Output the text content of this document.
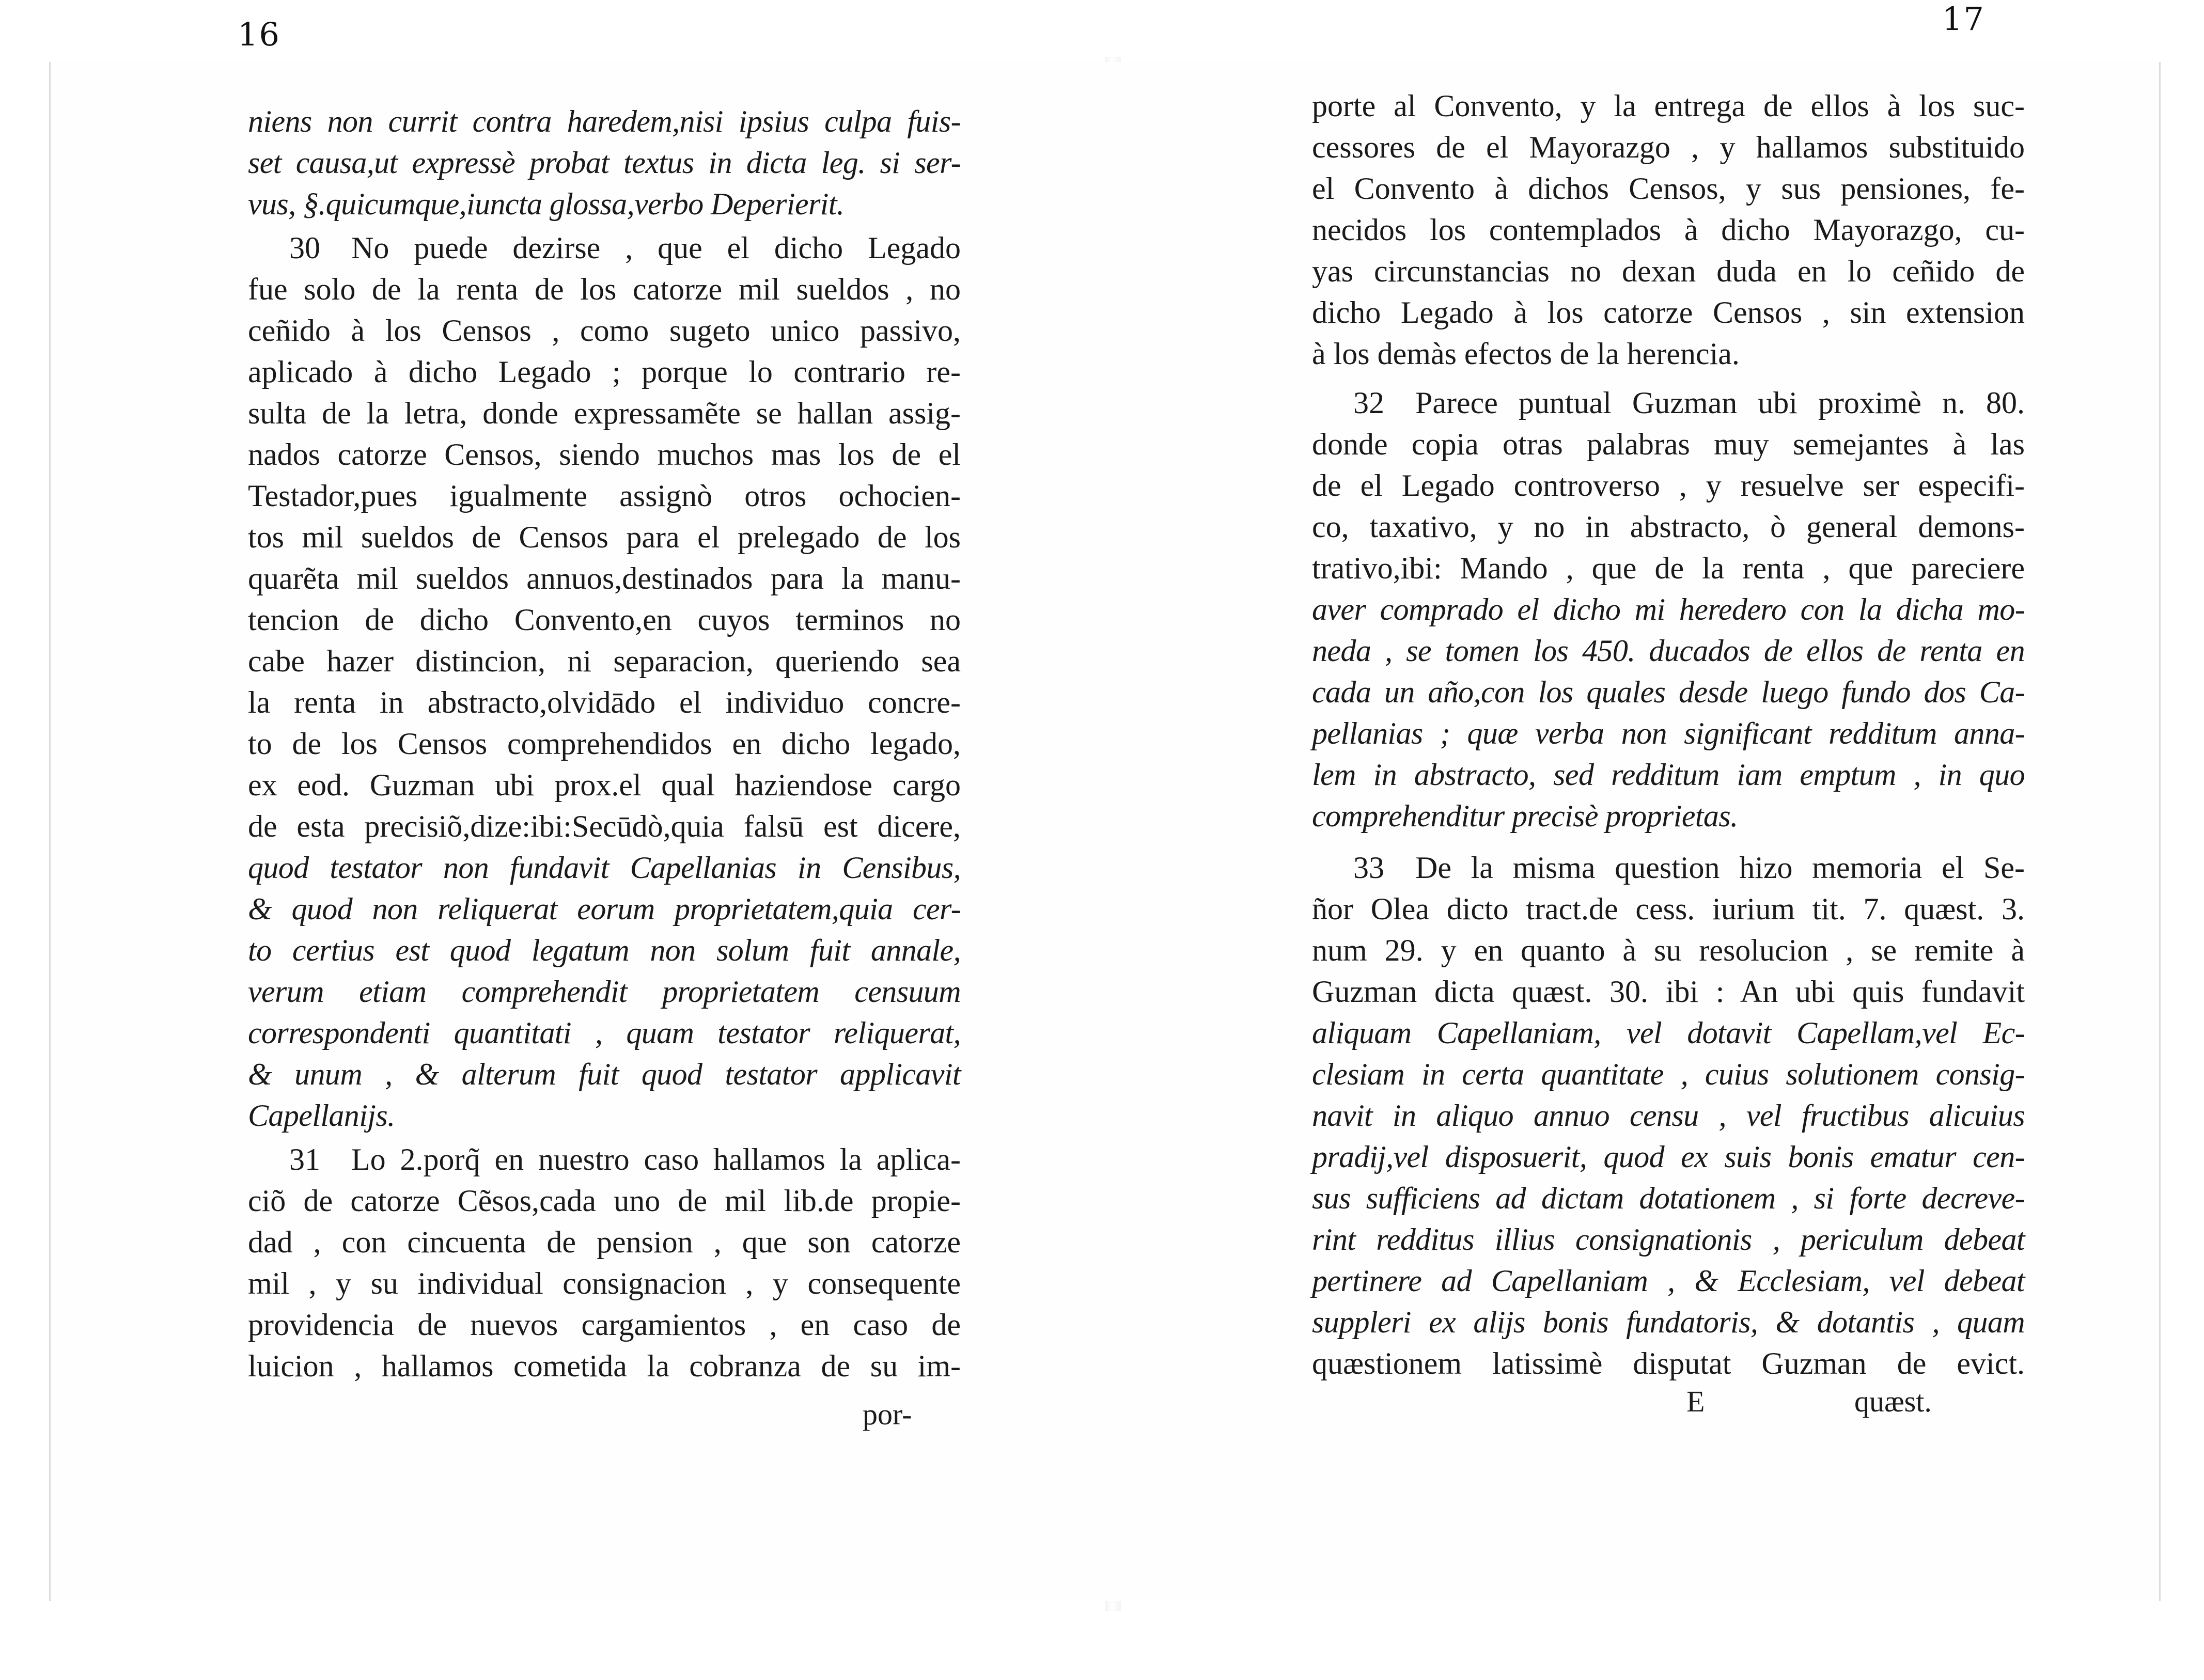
16	17
niens non currit contra haredem,nisi ipsius culpa fuis-
set causa,ut expressè probat textus in dicta leg. si ser-
vus, §.quicumque,iuncta glossa,verbo Deperierit.
30	No puede dezirse , que el dicho Legado
fue solo de la renta de los catorze mil sueldos , no
ceñido à los Censos , como sugeto unico passivo,
aplicado à dicho Legado ; porque lo contrario re-
sulta de la letra, donde expressamẽte se hallan assig-
nados catorze Censos, siendo muchos mas los de el
Testador,pues igualmente assignò otros ochocien-
tos mil sueldos de Censos para el prelegado de los
quarẽta mil sueldos annuos,destinados para la manu-
tencion de dicho Convento,en cuyos terminos no
cabe hazer distincion, ni separacion, queriendo sea
la renta in abstracto,olvidādo el individuo concre-
to de los Censos comprehendidos en dicho legado,
ex eod. Guzman ubi prox.el qual haziendose cargo
de esta precisiõ,dize:ibi:Secūdò,quia falsū est dicere,
quod testator non fundavit Capellanias in Censibus,
& quod non reliquerat eorum proprietatem,quia cer-
to certius est quod legatum non solum fuit annale,
verum etiam comprehendit proprietatem censuum
correspondenti quantitati , quam testator reliquerat,
& unum , & alterum fuit quod testator applicavit
Capellanijs.
31	Lo 2.porq̃ en nuestro caso hallamos la aplica-
ciõ de catorze Cẽsos,cada uno de mil lib.de propie-
dad , con cincuenta de pension , que son catorze
mil , y su individual consignacion , y consequente
providencia de nuevos cargamientos , en caso de
luicion , hallamos cometida la cobranza de su im-
por-
porte al Convento, y la entrega de ellos à los suc-
cessores de el Mayorazgo , y hallamos substituido
el Convento à dichos Censos, y sus pensiones, fe-
necidos los contemplados à dicho Mayorazgo, cu-
yas circunstancias no dexan duda en lo ceñido de
dicho Legado à los catorze Censos , sin extension
à los demàs efectos de la herencia.
32	Parece puntual Guzman ubi proximè n. 80.
donde copia otras palabras muy semejantes à las
de el Legado controverso , y resuelve ser especifi-
co, taxativo, y no in abstracto, ò general demons-
trativo,ibi: Mando , que de la renta , que pareciere
aver comprado el dicho mi heredero con la dicha mo-
neda , se tomen los 450. ducados de ellos de renta en
cada un año,con los quales desde luego fundo dos Ca-
pellanias ; quæ verba non significant redditum anna-
lem in abstracto, sed redditum iam emptum , in quo
comprehenditur precisè proprietas.
33	De la misma question hizo memoria el Se-
ñor Olea dicto tract.de cess. iurium tit. 7. quæst. 3.
num 29. y en quanto à su resolucion , se remite à
Guzman dicta quæst. 30. ibi : An ubi quis fundavit
aliquam Capellaniam, vel dotavit Capellam,vel Ec-
clesiam in certa quantitate , cuius solutionem consig-
navit in aliquo annuo censu , vel fructibus alicuius
pradij,vel disposuerit, quod ex suis bonis ematur cen-
sus sufficiens ad dictam dotationem , si forte decreve-
rint redditus illius consignationis , periculum debeat
pertinere ad Capellaniam , & Ecclesiam, vel debeat
suppleri ex alijs bonis fundatoris, & dotantis , quam
quæstionem latissimè disputat Guzman de evict.
E	quæst.
